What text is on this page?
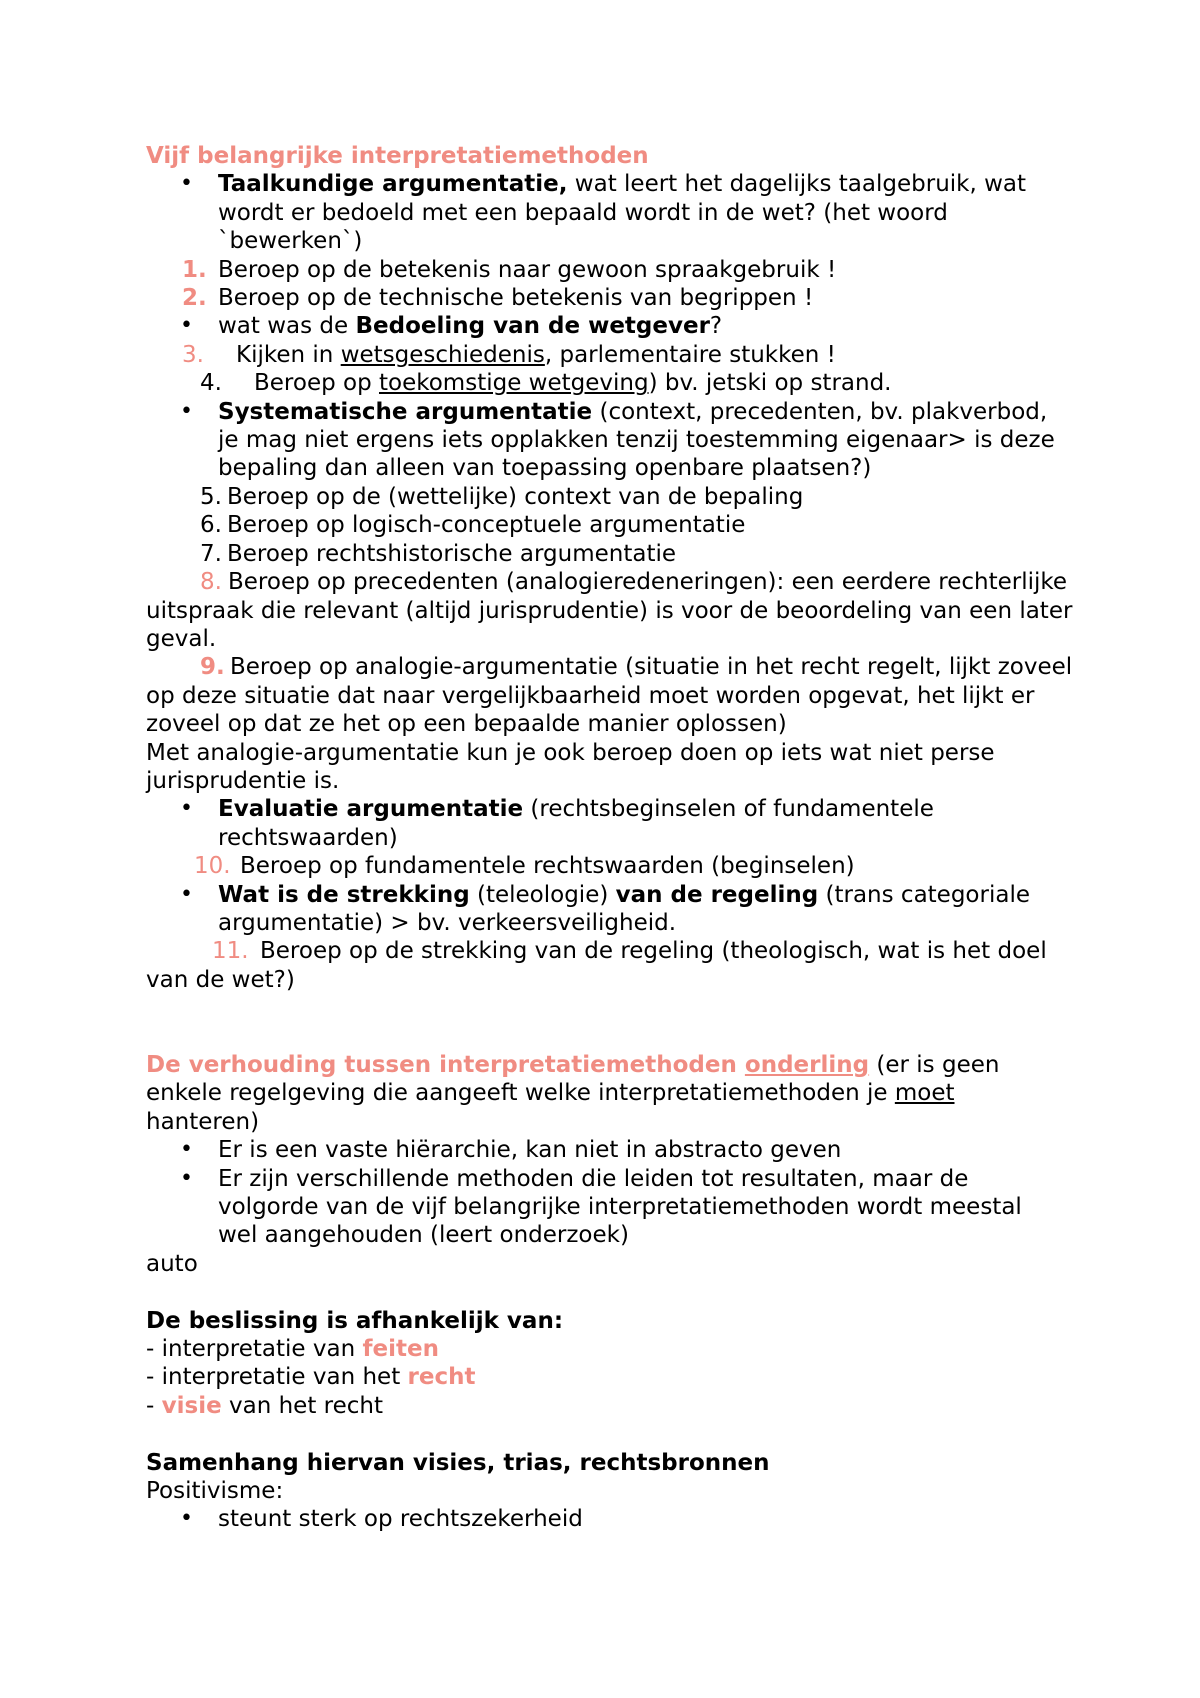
Vijf belangrijke interpretatiemethoden
• Taalkundige argumentatie, wat leert het dagelijks taalgebruik, wat wordt er bedoeld met een bepaald wordt in de wet? (het woord `bewerken`)
1. Beroep op de betekenis naar gewoon spraakgebruik !
2. Beroep op de technische betekenis van begrippen !
• wat was de Bedoeling van de wetgever?
3. Kijken in wetsgeschiedenis, parlementaire stukken !
4. Beroep op toekomstige wetgeving) bv. jetski op strand.
• Systematische argumentatie (context, precedenten, bv. plakverbod, je mag niet ergens iets opplakken tenzij toestemming eigenaar> is deze bepaling dan alleen van toepassing openbare plaatsen?)
5. Beroep op de (wettelijke) context van de bepaling
6. Beroep op logisch-conceptuele argumentatie
7. Beroep rechtshistorische argumentatie
8. Beroep op precedenten (analogieredeneringen): een eerdere rechterlijke uitspraak die relevant (altijd jurisprudentie) is voor de beoordeling van een later geval.
9. Beroep op analogie-argumentatie (situatie in het recht regelt, lijkt zoveel op deze situatie dat naar vergelijkbaarheid moet worden opgevat, het lijkt er zoveel op dat ze het op een bepaalde manier oplossen)
Met analogie-argumentatie kun je ook beroep doen op iets wat niet perse jurisprudentie is.
• Evaluatie argumentatie (rechtsbeginselen of fundamentele rechtswaarden)
10. Beroep op fundamentele rechtswaarden (beginselen)
• Wat is de strekking (teleologie) van de regeling (trans categoriale argumentatie) > bv. verkeersveiligheid.
11. Beroep op de strekking van de regeling (theologisch, wat is het doel van de wet?)
De verhouding tussen interpretatiemethoden onderling (er is geen enkele regelgeving die aangeeft welke interpretatiemethoden je moet hanteren)
• Er is een vaste hiërarchie, kan niet in abstracto geven
• Er zijn verschillende methoden die leiden tot resultaten, maar de volgorde van de vijf belangrijke interpretatiemethoden wordt meestal wel aangehouden (leert onderzoek)
auto
De beslissing is afhankelijk van:
- interpretatie van feiten
- interpretatie van het recht
- visie van het recht
Samenhang hiervan visies, trias, rechtsbronnen
Positivisme:
• steunt sterk op rechtszekerheid
